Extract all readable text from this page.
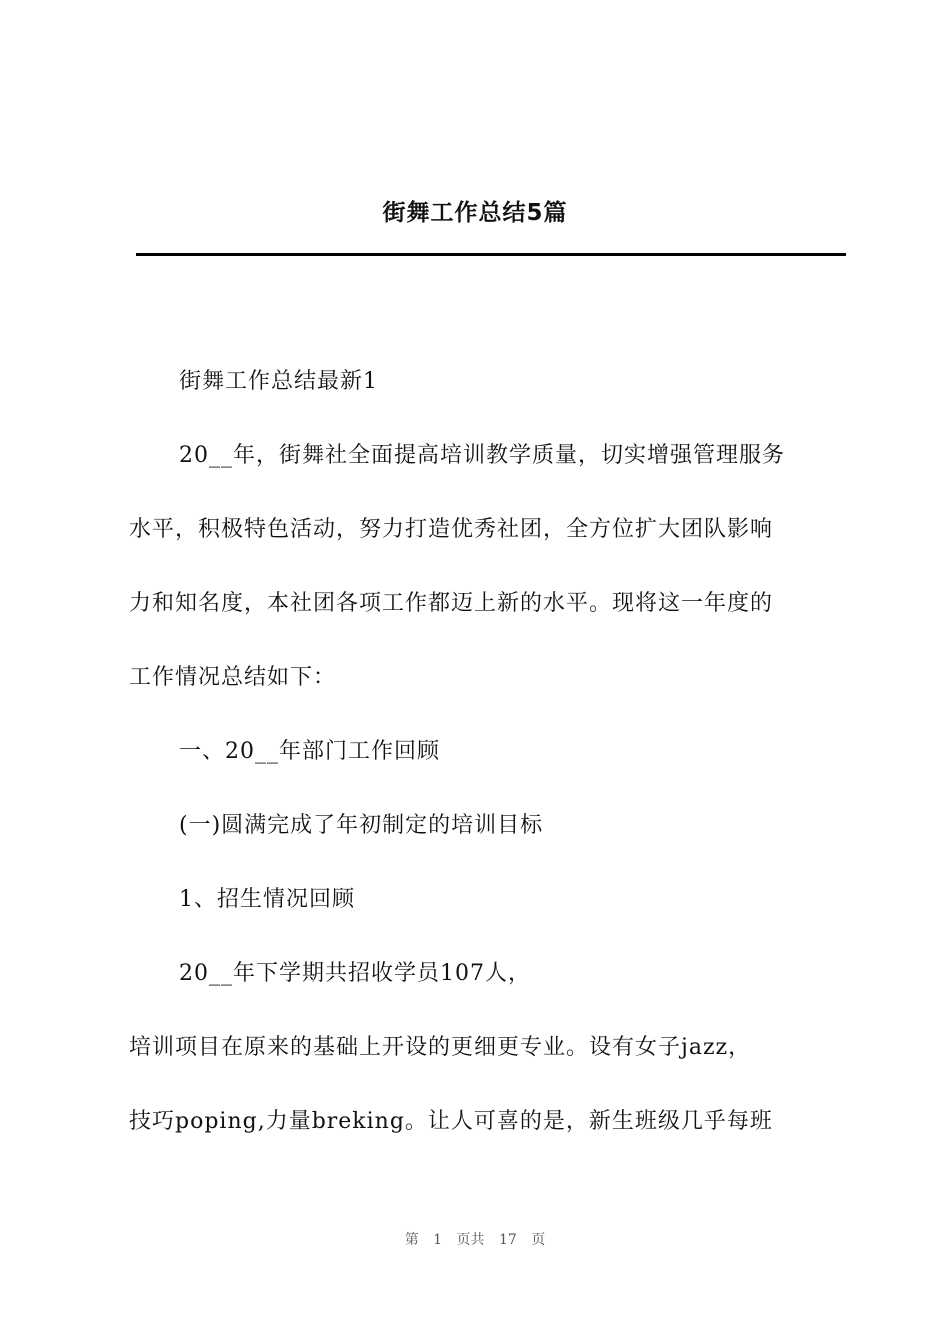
街舞工作总结5篇

街舞工作总结最新1

20__年，街舞社全面提高培训教学质量，切实增强管理服务

水平，积极特色活动，努力打造优秀社团，全方位扩大团队影响

力和知名度，本社团各项工作都迈上新的水平。现将这一年度的

工作情况总结如下：

一、20__年部门工作回顾

(一)圆满完成了年初制定的培训目标

1、招生情况回顾

20__年下学期共招收学员107人，

培训项目在原来的基础上开设的更细更专业。设有女子jazz，

技巧poping,力量breking。让人可喜的是，新生班级几乎每班

第 1 页共 17 页
